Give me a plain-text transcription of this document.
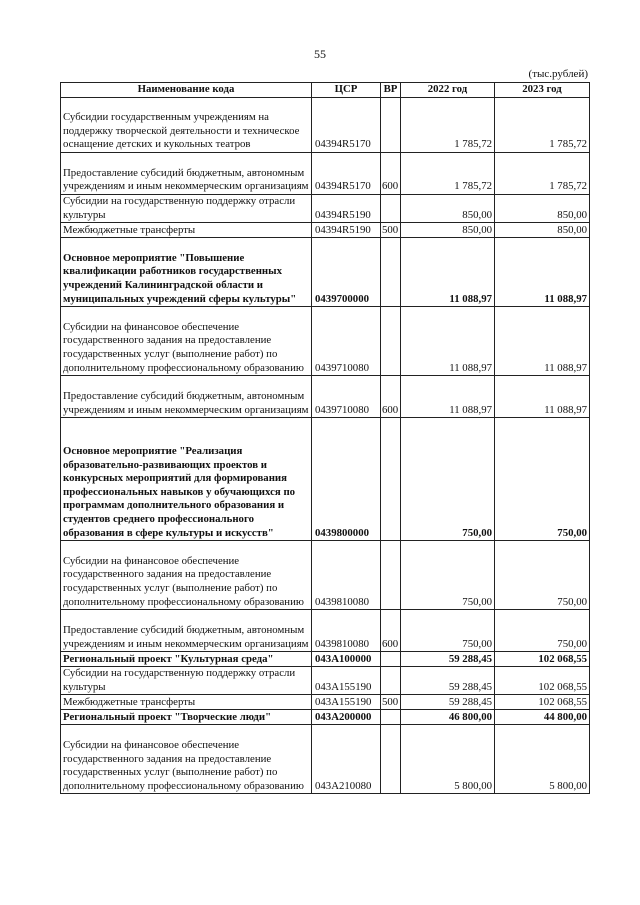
55
(тыс.рублей)
Наименование кода	ЦСР	ВР	2022 год	2023 год
Субсидии государственным учреждениям на поддержку творческой деятельности и техническое оснащение детских и кукольных театров	04394R5170		1 785,72	1 785,72
Предоставление субсидий бюджетным, автономным учреждениям и иным некоммерческим организациям	04394R5170	600	1 785,72	1 785,72
Субсидии на государственную поддержку отрасли культуры	04394R5190		850,00	850,00
Межбюджетные трансферты	04394R5190	500	850,00	850,00
Основное мероприятие "Повышение квалификации работников государственных учреждений Калининградской области и муниципальных учреждений сферы культуры"	0439700000		11 088,97	11 088,97
Субсидии на финансовое обеспечение государственного задания на предоставление государственных услуг (выполнение работ) по дополнительному профессиональному образованию	0439710080		11 088,97	11 088,97
Предоставление субсидий бюджетным, автономным учреждениям и иным некоммерческим организациям	0439710080	600	11 088,97	11 088,97
Основное мероприятие "Реализация образовательно-развивающих проектов и конкурсных мероприятий для формирования профессиональных навыков у обучающихся по программам дополнительного образования и студентов среднего профессионального образования в сфере культуры и искусств"	0439800000		750,00	750,00
Субсидии на финансовое обеспечение государственного задания на предоставление государственных услуг (выполнение работ) по дополнительному профессиональному образованию	0439810080		750,00	750,00
Предоставление субсидий бюджетным, автономным учреждениям и иным некоммерческим организациям	0439810080	600	750,00	750,00
Региональный проект "Культурная среда"	043A100000		59 288,45	102 068,55
Субсидии на государственную поддержку отрасли культуры	043A155190		59 288,45	102 068,55
Межбюджетные трансферты	043A155190	500	59 288,45	102 068,55
Региональный проект "Творческие люди"	043A200000		46 800,00	44 800,00
Субсидии на финансовое обеспечение государственного задания на предоставление государственных услуг (выполнение работ) по дополнительному профессиональному образованию	043A210080		5 800,00	5 800,00
